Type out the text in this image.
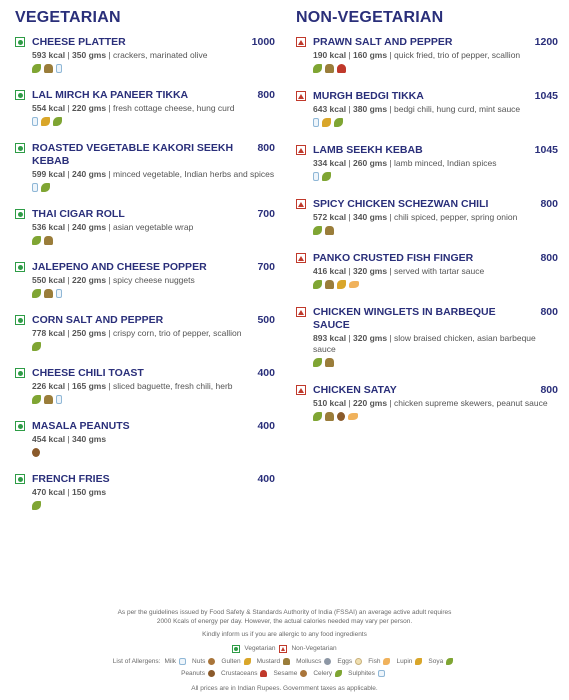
VEGETARIAN
CHEESE PLATTER	1000
593 kcal | 350 gms | crackers, marinated olive
LAL MIRCH KA PANEER TIKKA	800
554 kcal | 220 gms | fresh cottage cheese, hung curd
ROASTED VEGETABLE KAKORI SEEKH KEBAB
800
599 kcal | 240 gms | minced vegetable, Indian herbs and spices
THAI CIGAR ROLL	700
536 kcal | 240 gms | asian vegetable wrap
JALEPENO AND CHEESE POPPER	700
550 kcal | 220 gms | spicy cheese nuggets
CORN SALT AND PEPPER	500
778 kcal | 250 gms | crispy corn, trio of pepper, scallion
CHEESE CHILI TOAST	400
226 kcal | 165 gms | sliced baguette, fresh chili, herb
MASALA PEANUTS	400
454 kcal | 340 gms
FRENCH FRIES	400
470 kcal | 150 gms
NON-VEGETARIAN
PRAWN SALT AND PEPPER	1200
190 kcal | 160 gms | quick fried, trio of pepper, scallion
MURGH BEDGI TIKKA	1045
643 kcal | 380 gms | bedgi chili, hung curd, mint sauce
LAMB SEEKH KEBAB	1045
334 kcal | 260 gms | lamb minced, Indian spices
SPICY CHICKEN SCHEZWAN CHILI	800
572 kcal | 340 gms | chili spiced, pepper, spring onion
PANKO CRUSTED FISH FINGER	800
416 kcal | 320 gms | served with tartar sauce
CHICKEN WINGLETS IN BARBEQUE SAUCE
800
893 kcal | 320 gms | slow braised chicken, asian barbeque sauce
CHICKEN SATAY	800
510 kcal | 220 gms | chicken supreme skewers, peanut sauce

As per the guidelines issued by Food Safety & Standards Authority of India (FSSAI) an average active adult requires

2000 Kcals of energy per day. However, the actual calories needed may vary per person.

Kindly inform us if you are allergic to any food ingredients

Vegetarian Non-Vegetarian
List of Allergens: Milk Nuts Gulten Mustard Molluscs Eggs Fish Lupin Soya
Peanuts Crustaceans Sesame Celery Sulphites

All prices are in Indian Rupees. Government taxes as applicable.
